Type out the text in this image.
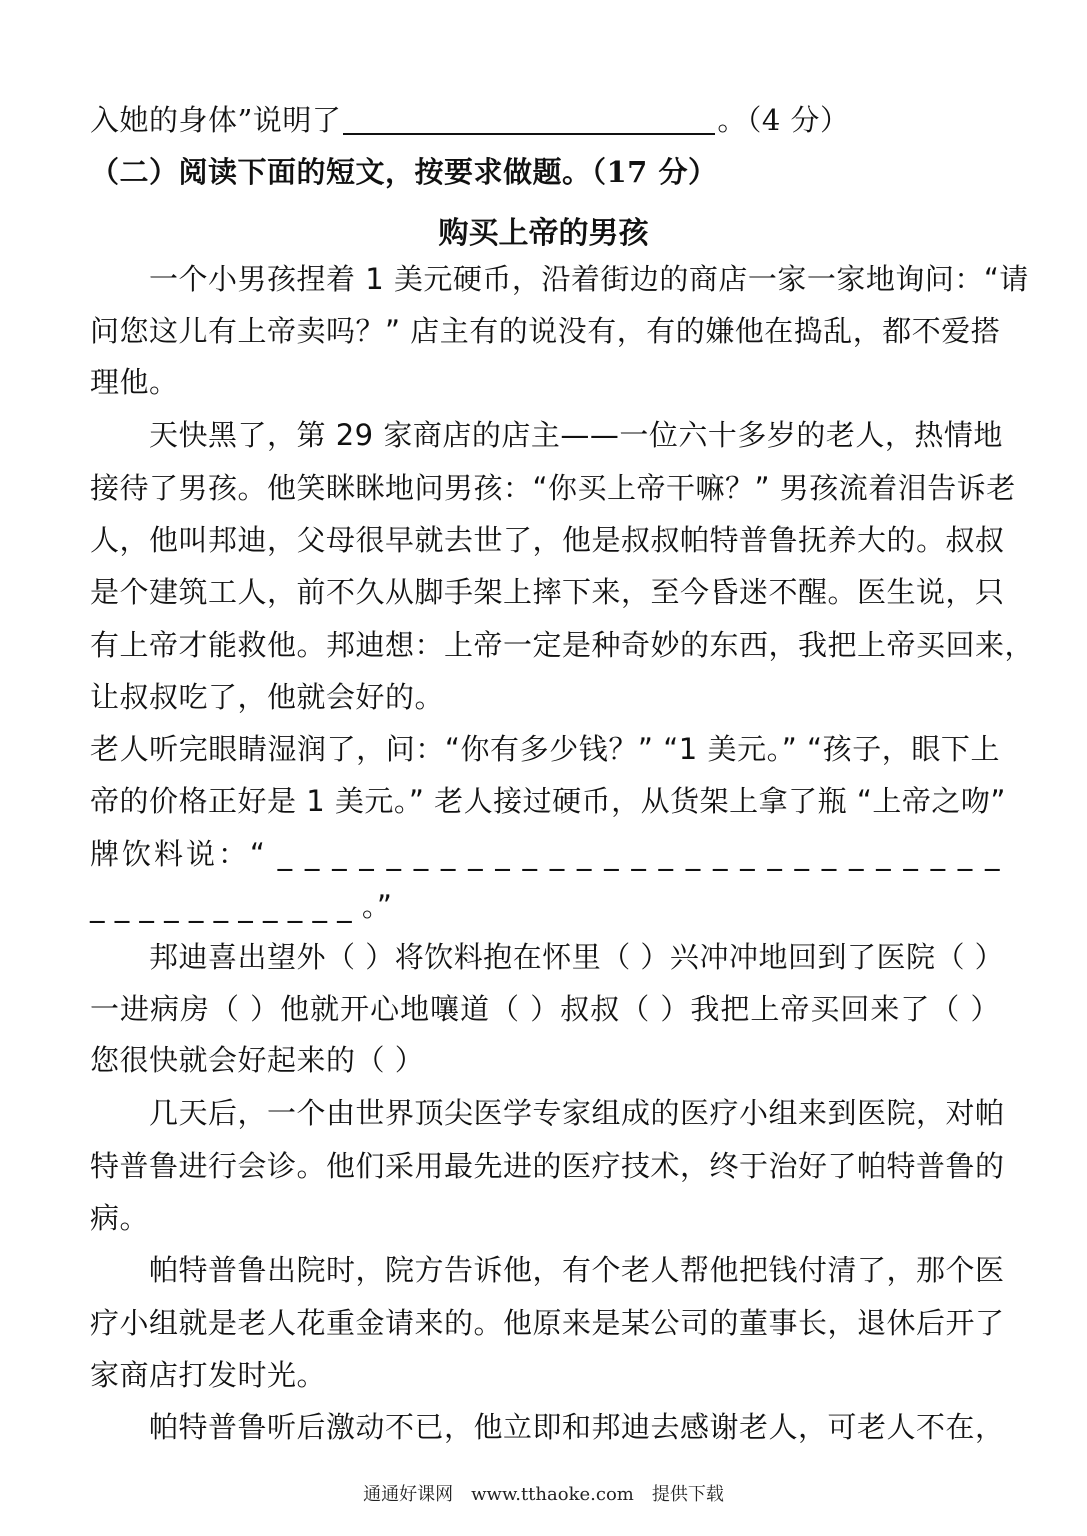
入她的身体”说明了	。（4 分）
（二）阅读下面的短文，按要求做题。（17 分）
购买上帝的男孩
　　一个小男孩捏着 1 美元硬币，沿着街边的商店一家一家地询问：“请
问您这儿有上帝卖吗？” 店主有的说没有，有的嫌他在捣乱，都不爱搭
理他。
　　天快黑了，第 29 家商店的店主——一位六十多岁的老人，热情地
接待了男孩。他笑眯眯地问男孩：“你买上帝干嘛？” 男孩流着泪告诉老
人，他叫邦迪，父母很早就去世了，他是叔叔帕特普鲁抚养大的。叔叔
是个建筑工人，前不久从脚手架上摔下来，至今昏迷不醒。医生说，只
有上帝才能救他。邦迪想：上帝一定是种奇妙的东西，我把上帝买回来，
让叔叔吃了，他就会好的。
老人听完眼睛湿润了，问：“你有多少钱？” “1 美元。” “孩子，眼下上
帝的价格正好是 1 美元。” 老人接过硬币，从货架上拿了瓶 “上帝之吻”
牌饮料说：“ _ _ _ _ _ _ _ _ _ _ _ _ _ _ _ _ _ _ _ _ _ _ _ _ _ _ _
_ _ _ _ _ _ _ _ _ _ _ 。”
　　邦迪喜出望外（ ）将饮料抱在怀里（ ）兴冲冲地回到了医院（ ）
一进病房（ ）他就开心地嚷道（ ）叔叔（ ）我把上帝买回来了（ ）
您很快就会好起来的（ ）
　　几天后，一个由世界顶尖医学专家组成的医疗小组来到医院，对帕
特普鲁进行会诊。他们采用最先进的医疗技术，终于治好了帕特普鲁的
病。
　　帕特普鲁出院时，院方告诉他，有个老人帮他把钱付清了，那个医
疗小组就是老人花重金请来的。他原来是某公司的董事长，退休后开了
家商店打发时光。
　　帕特普鲁听后激动不已，他立即和邦迪去感谢老人，可老人不在，
通通好课网　www.tthaoke.com　提供下载
